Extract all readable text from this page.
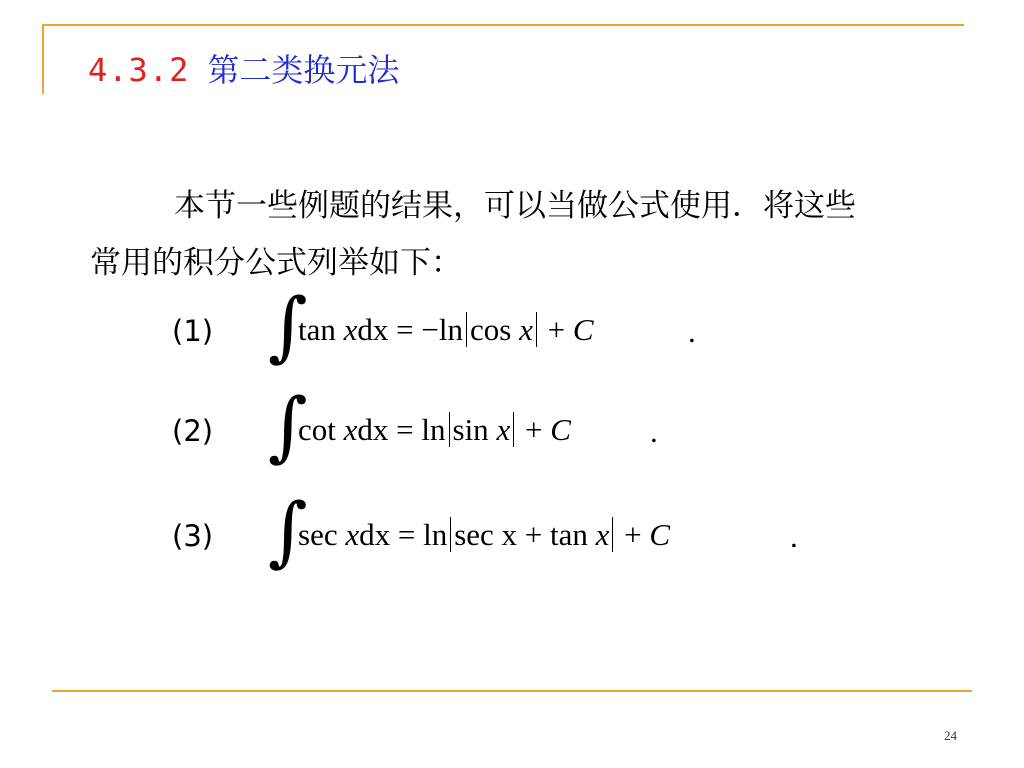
4.3.2 第二类换元法
本节一些例题的结果，可以当做公式使用．将这些常用的积分公式列举如下：
(1) ∫
tan xdx = −ln cos x + C	.
(2) ∫
cot xdx = ln sin x + C	.
(3) ∫
sec xdx = ln sec x + tan x + C	.
24
